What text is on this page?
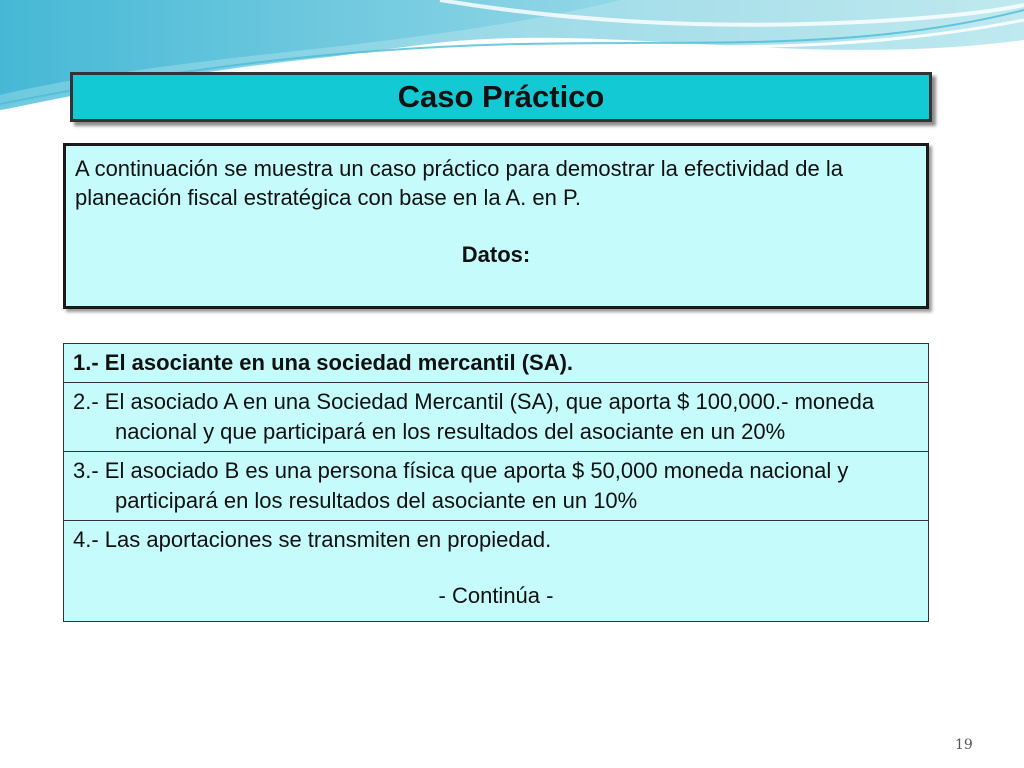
Caso Práctico
A continuación se muestra un caso práctico para demostrar la efectividad de la planeación fiscal estratégica con base en la A. en P.
Datos:
1.- El asociante en una sociedad mercantil (SA).

2.- El asociado A en una Sociedad Mercantil (SA), que aporta $ 100,000.- moneda nacional y que participará en los resultados del asociante en un 20%

3.- El asociado B es una persona física que aporta $ 50,000 moneda nacional y participará en los resultados del asociante en un 10%

4.- Las aportaciones se transmiten en propiedad.
- Continúa -
19
